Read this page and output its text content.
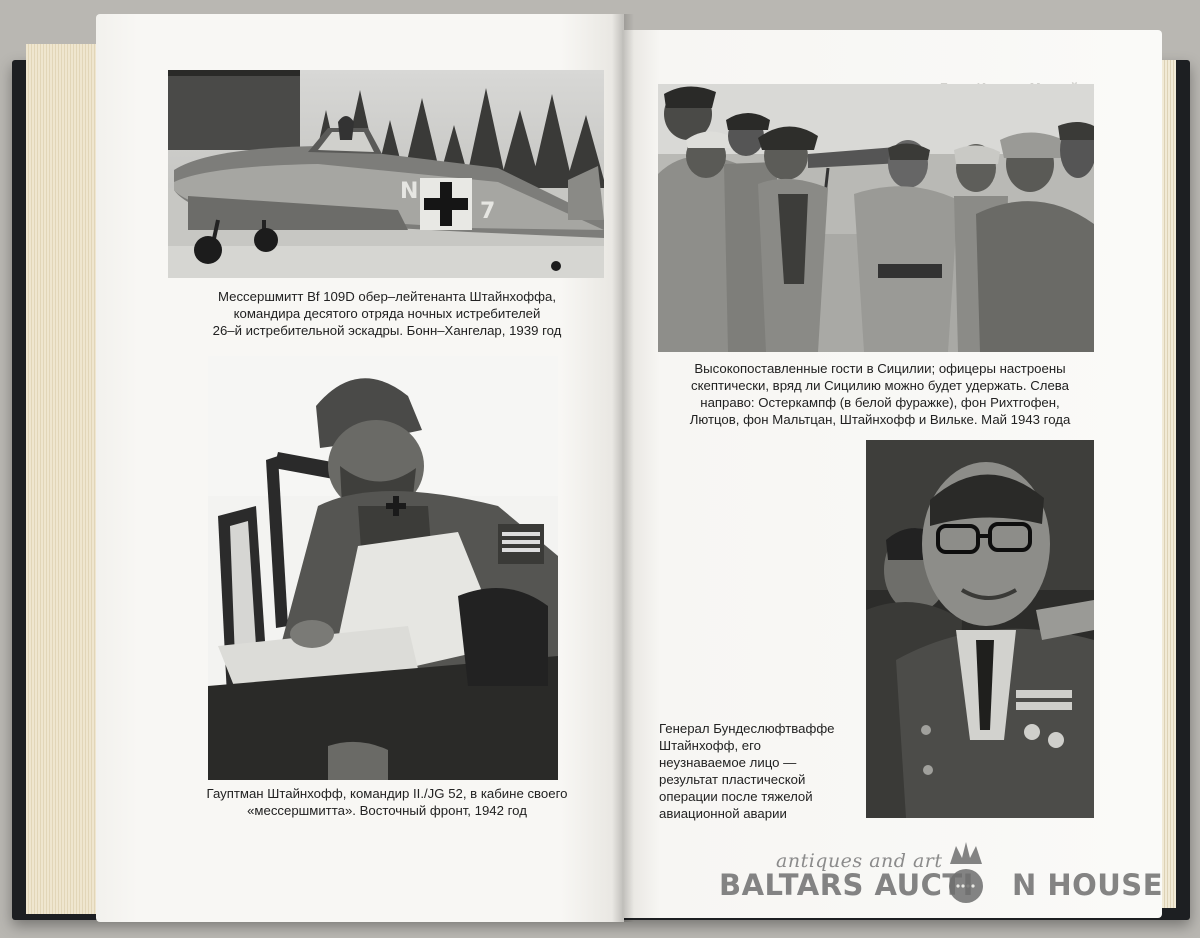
N
7

Мессершмитт Bf 109D обер–лейтенанта Штайнхоффа,
командира десятого отряда ночных истребителей
26–й истребительной эскадры. Бонн–Хангелар, 1939 год

Гауптман Штайнхофф, командир II./JG 52, в кабине своего
«мессершмитта». Восточный фронт, 1942 год

Высокопоставленные гости в Сицилии; офицеры настроены
скептически, вряд ли Сицилию можно будет удержать. Слева
направо: Остеркампф (в белой фуражке), фон Рихтгофен,
Лютцов, фон Мальтцан, Штайнхофф и Вильке. Май 1943 года

Генерал Бундеслюфтваффе
Штайнхофф, его
неузнаваемое лицо —
результат пластической
операции после тяжелой
авиационной аварии

antiques and art
BALTARS AUCTI N HOUSE
